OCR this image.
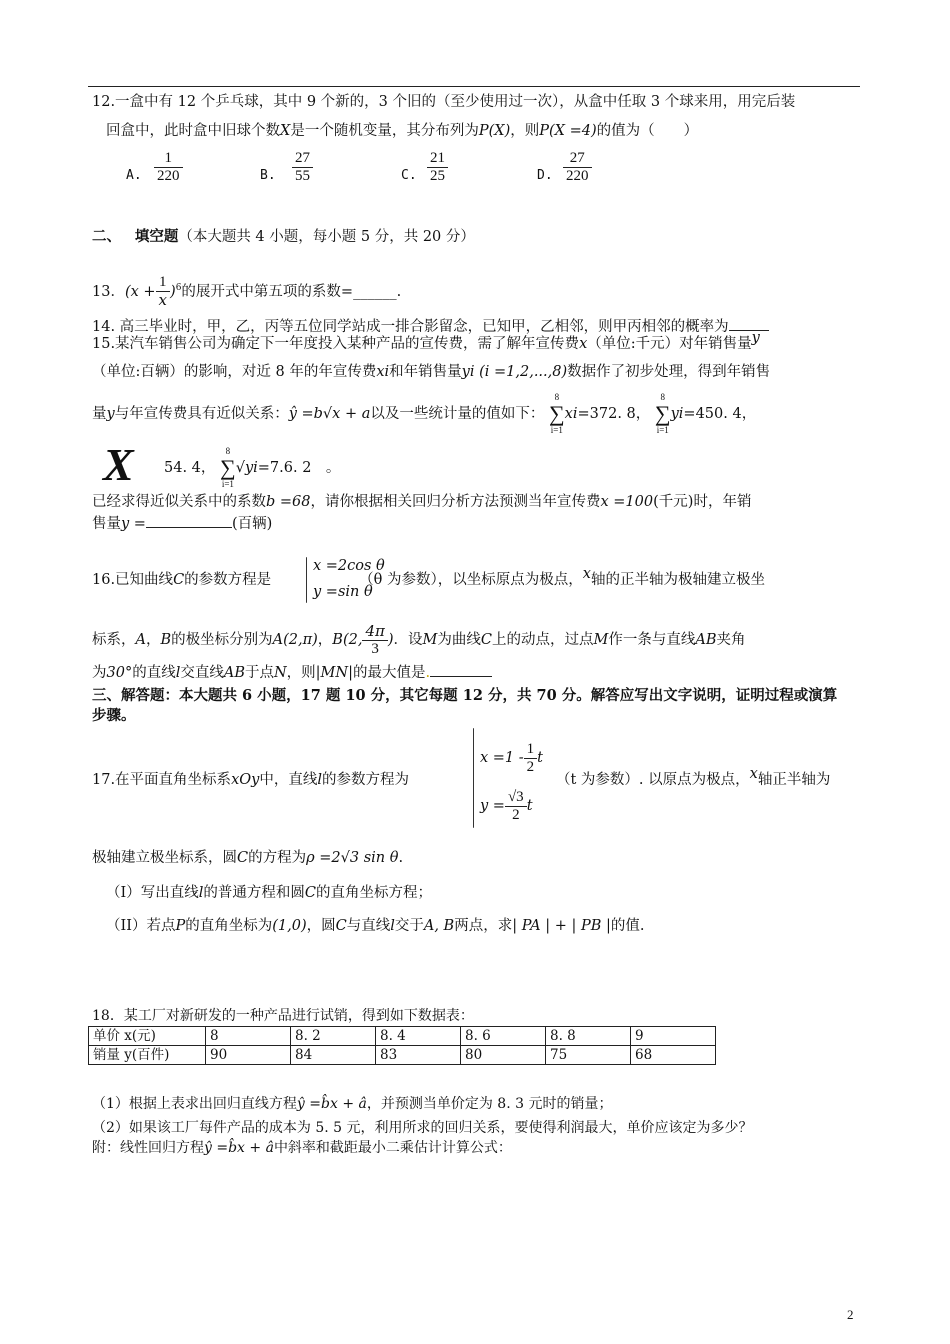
12.一盒中有 12 个乒乓球，其中 9 个新的，3 个旧的（至少使用过一次），从盒中任取 3 个球来用，用完后装
回盒中，此时盒中旧球个数X是一个随机变量，其分布列为P(X)，则P(X =4)的值为（　　）
A. $\frac{1}{220}$	B. $\frac{27}{55}$	C. $\frac{21}{25}$	D. $\frac{27}{220}$
二、 填空题（本大题共 4 小题，每小题 5 分，共 20 分）
13．$(x + \frac{1}{x} )^6$的展开式中第五项的系数=______.
14. 高三毕业时，甲，乙，丙等五位同学站成一排合影留念，已知甲，乙相邻，则甲丙相邻的概率为
15.某汽车销售公司为确定下一年度投入某种产品的宣传费，需了解年宣传费x（单位:千元）对年销售量y
（单位:百辆）的影响，对近 8 年的年宣传费xi和年销售量yi (i =1,2,...,8)数据作了初步处理，得到年销售
量y与年宣传费具有近似关系：ŷ =b√x + a以及一些统计量的值如下：
8
∑
i=1
xi=372. 8，
8
∑
i=1
yi=450. 4，
X 54. 4，
8
∑
i=1
√yi=7.6. 2　。
已经求得近似关系中的系数b =68，请你根据相关回归分析方法预测当年宣传费x =100(千元)时，年销
售量y =	(百辆)
16.已知曲线C的参数方程是	（θ 为参数），以坐标原点为极点，x轴的正半轴为极轴建立极坐
x =2cos θ
y =sin θ
标系，A，B的极坐标分别为A(2,π)，B(2, $\frac{4\pi}{3}$ )．设M为曲线C上的动点，过点M作一条与直线AB夹角
为30°的直线l交直线AB于点N，则|MN|的最大值是.
三、解答题：本大题共 6 小题，17 题 10 分，其它每题 12 分，共 70 分。解答应写出文字说明，证明过程或演算
步骤。
$x =1 - \frac{1}{2}$ t
$y = \frac{√3}{2}$ t
17.在平面直角坐标系xOy中，直线l的参数方程为	（t 为参数）. 以原点为极点，x轴正半轴为
极轴建立极坐标系，圆C的方程为ρ =2√3 sin θ.
（I）写出直线l的普通方程和圆C的直角坐标方程；
（II）若点P的直角坐标为(1,0)，圆C与直线l交于A, B两点，求| PA | + | PB |的值.
18．某工厂对新研发的一种产品进行试销，得到如下数据表：
单价 x(元)	8	8. 2	8. 4	8. 6	8. 8	9
销量 y(百件)	90	84	83	80	75	68
（1）根据上表求出回归直线方程ŷ =b̂x + â，并预测当单价定为 8. 3 元时的销量；
（2）如果该工厂每件产品的成本为 5. 5 元，利用所求的回归关系，要使得利润最大，单价应该定为多少？
附：线性回归方程ŷ =b̂x + â中斜率和截距最小二乘估计计算公式：
2
